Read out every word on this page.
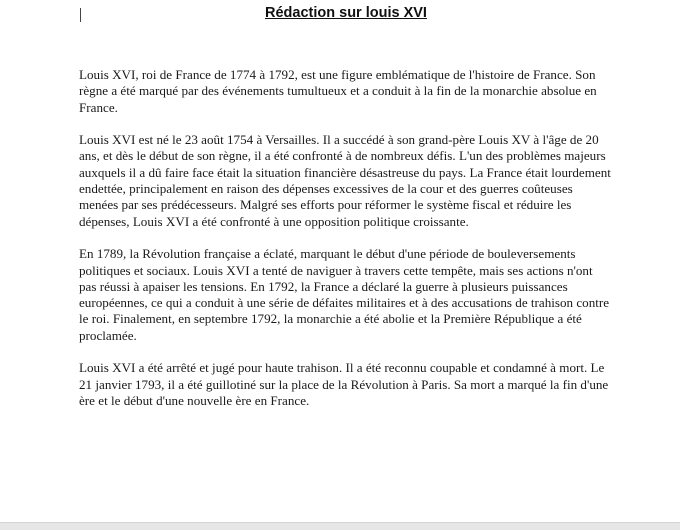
Rédaction sur louis XVI

Louis XVI, roi de France de 1774 à 1792, est une figure emblématique de l'histoire de France. Son règne a été marqué par des événements tumultueux et a conduit à la fin de la monarchie absolue en France.

Louis XVI est né le 23 août 1754 à Versailles. Il a succédé à son grand-père Louis XV à l'âge de 20 ans, et dès le début de son règne, il a été confronté à de nombreux défis. L'un des problèmes majeurs auxquels il a dû faire face était la situation financière désastreuse du pays. La France était lourdement endettée, principalement en raison des dépenses excessives de la cour et des guerres coûteuses menées par ses prédécesseurs. Malgré ses efforts pour réformer le système fiscal et réduire les dépenses, Louis XVI a été confronté à une opposition politique croissante.

En 1789, la Révolution française a éclaté, marquant le début d'une période de bouleversements politiques et sociaux. Louis XVI a tenté de naviguer à travers cette tempête, mais ses actions n'ont pas réussi à apaiser les tensions. En 1792, la France a déclaré la guerre à plusieurs puissances européennes, ce qui a conduit à une série de défaites militaires et à des accusations de trahison contre le roi. Finalement, en septembre 1792, la monarchie a été abolie et la Première République a été proclamée.

Louis XVI a été arrêté et jugé pour haute trahison. Il a été reconnu coupable et condamné à mort. Le 21 janvier 1793, il a été guillotiné sur la place de la Révolution à Paris. Sa mort a marqué la fin d'une ère et le début d'une nouvelle ère en France.
